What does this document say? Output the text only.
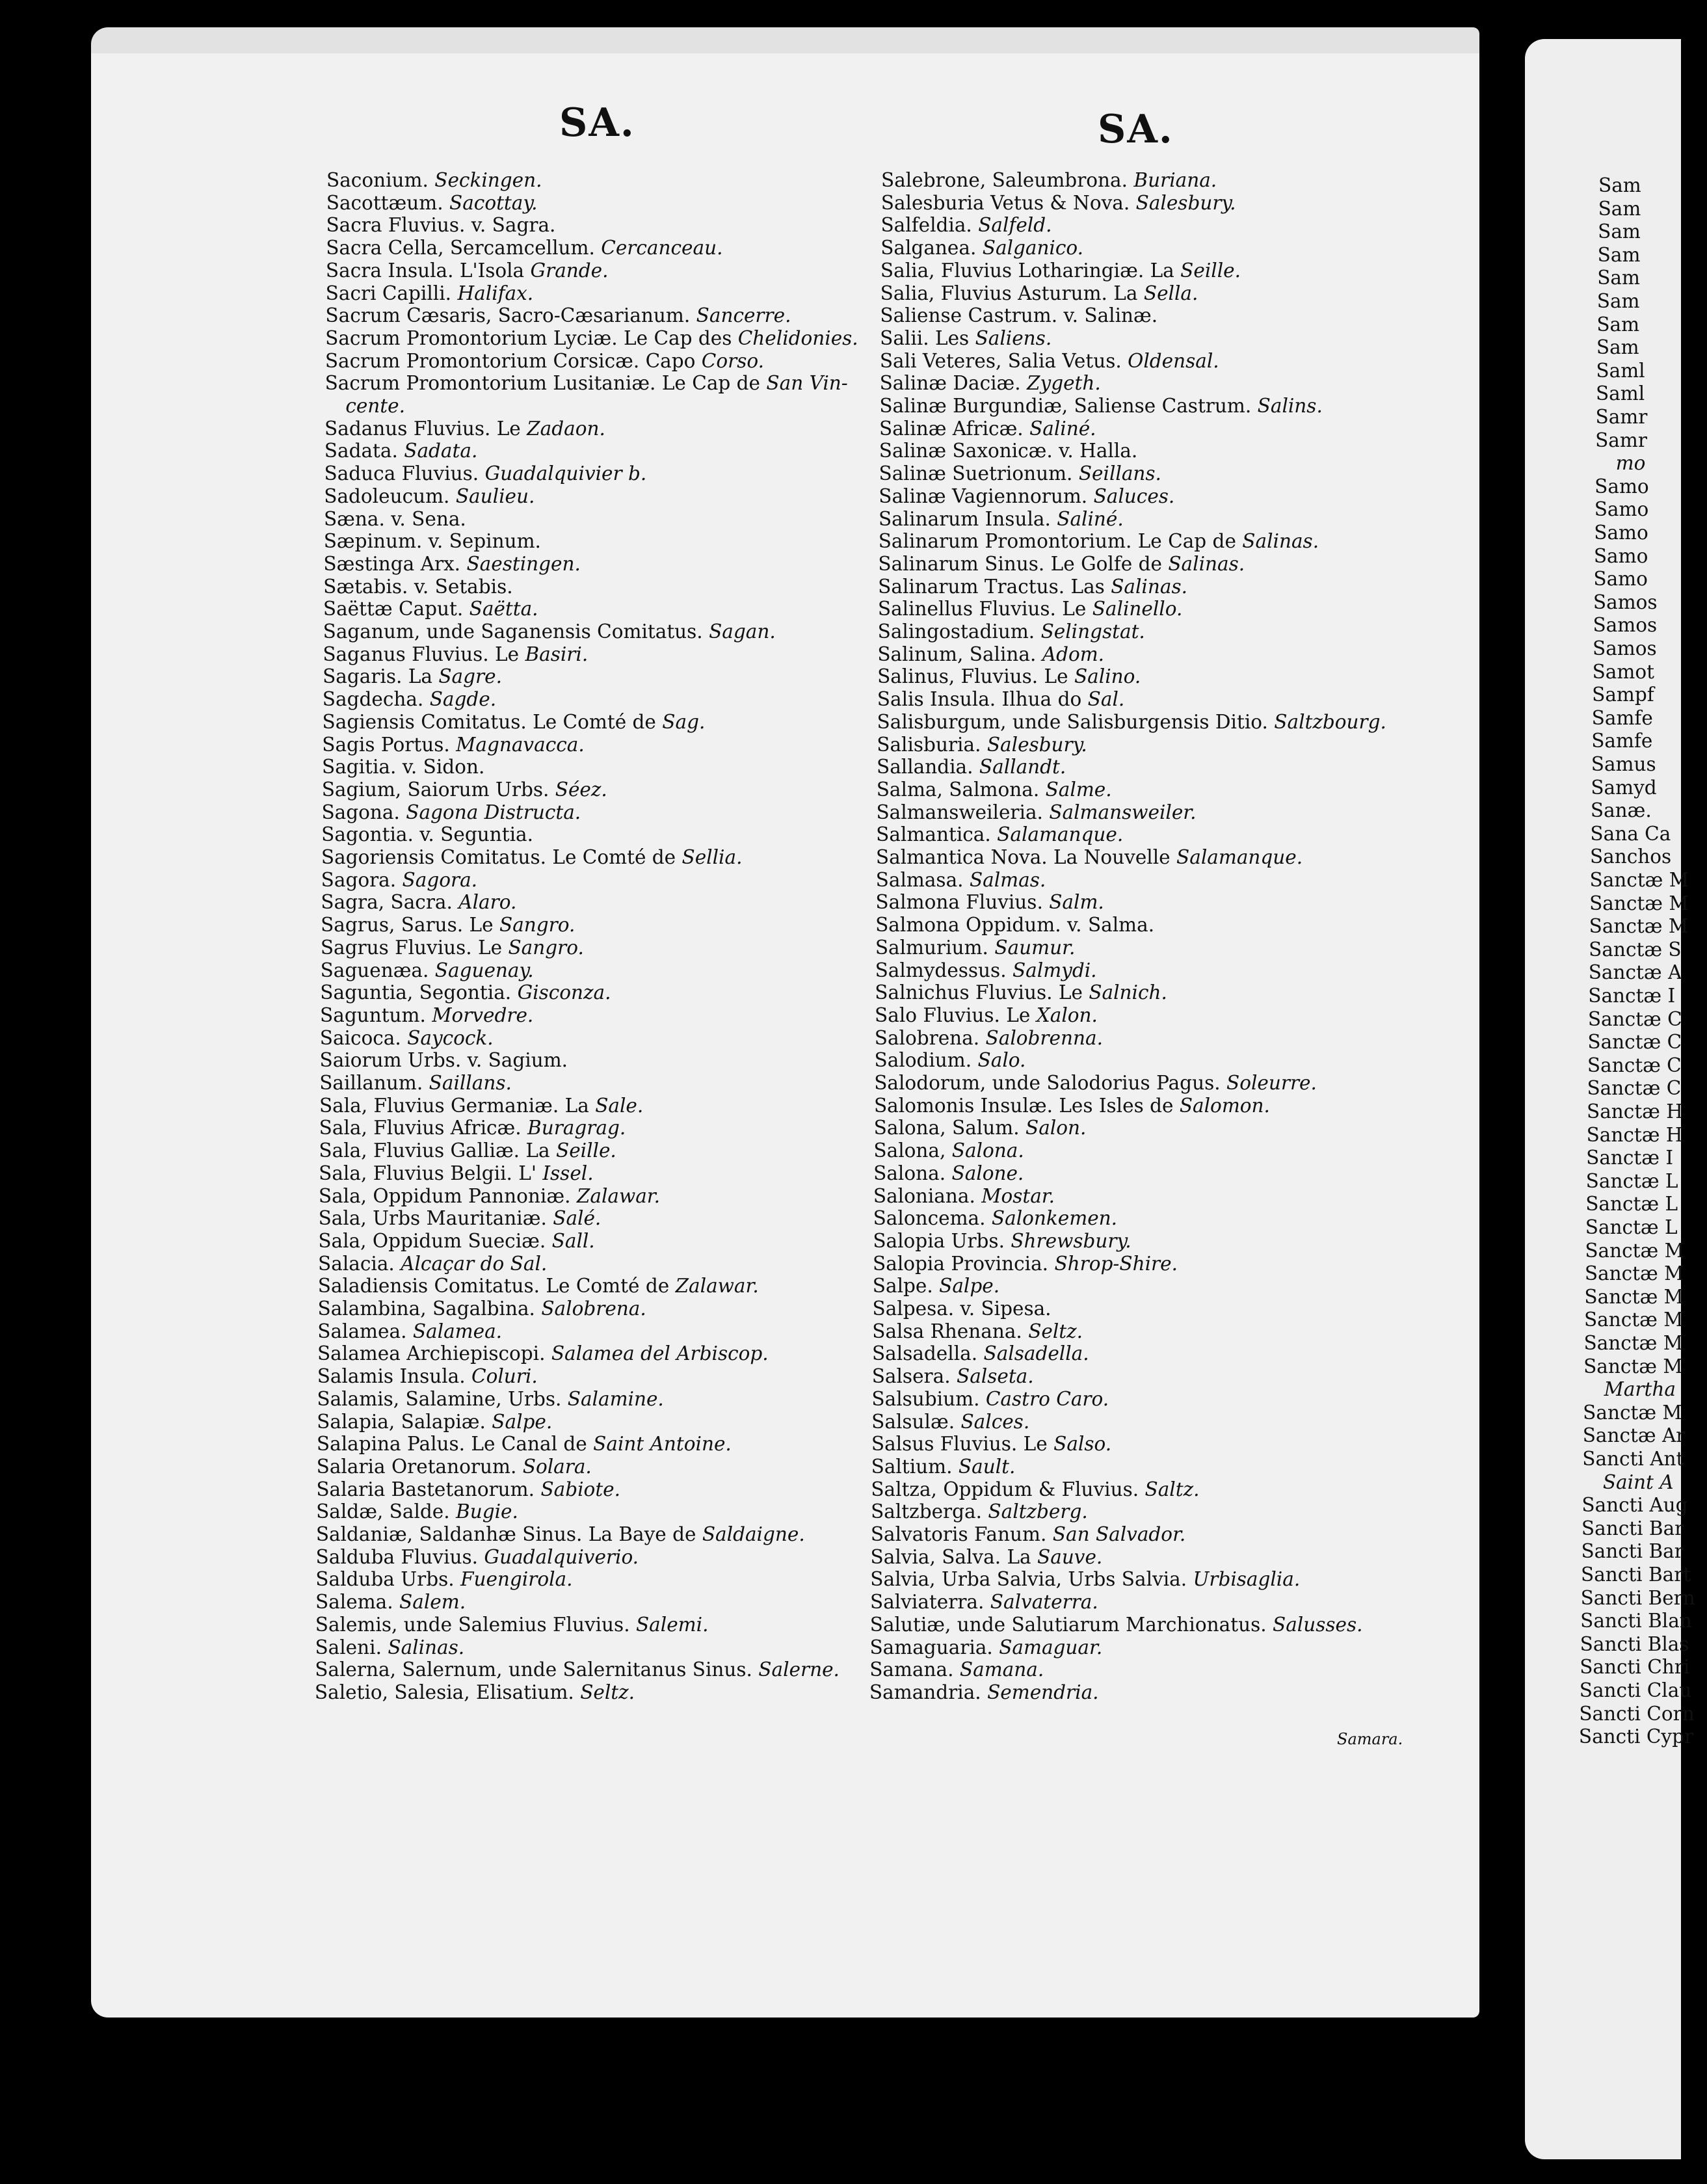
SA.	SA.
Saconium. Seckingen.
Sacottæum. Sacottay.
Sacra Fluvius. v. Sagra.
Sacra Cella, Sercamcellum. Cercanceau.
Sacra Insula. L'Isola Grande.
Sacri Capilli. Halifax.
Sacrum Cæsaris, Sacro-Cæsarianum. Sancerre.
Sacrum Promontorium Lyciæ. Le Cap des Chelidonies.
Sacrum Promontorium Corsicæ. Capo Corso.
Sacrum Promontorium Lusitaniæ. Le Cap de San Vin-
cente.
Sadanus Fluvius. Le Zadaon.
Sadata. Sadata.
Saduca Fluvius. Guadalquivier b.
Sadoleucum. Saulieu.
Sæna. v. Sena.
Sæpinum. v. Sepinum.
Sæstinga Arx. Saestingen.
Sætabis. v. Setabis.
Saëttæ Caput. Saëtta.
Saganum, unde Saganensis Comitatus. Sagan.
Saganus Fluvius. Le Basiri.
Sagaris. La Sagre.
Sagdecha. Sagde.
Sagiensis Comitatus. Le Comté de Sag.
Sagis Portus. Magnavacca.
Sagitia. v. Sidon.
Sagium, Saiorum Urbs. Séez.
Sagona. Sagona Distructa.
Sagontia. v. Seguntia.
Sagoriensis Comitatus. Le Comté de Sellia.
Sagora. Sagora.
Sagra, Sacra. Alaro.
Sagrus, Sarus. Le Sangro.
Sagrus Fluvius. Le Sangro.
Saguenæa. Saguenay.
Saguntia, Segontia. Gisconza.
Saguntum. Morvedre.
Saicoca. Saycock.
Saiorum Urbs. v. Sagium.
Saillanum. Saillans.
Sala, Fluvius Germaniæ. La Sale.
Sala, Fluvius Africæ. Buragrag.
Sala, Fluvius Galliæ. La Seille.
Sala, Fluvius Belgii. L' Issel.
Sala, Oppidum Pannoniæ. Zalawar.
Sala, Urbs Mauritaniæ. Salé.
Sala, Oppidum Sueciæ. Sall.
Salacia. Alcaçar do Sal.
Saladiensis Comitatus. Le Comté de Zalawar.
Salambina, Sagalbina. Salobrena.
Salamea. Salamea.
Salamea Archiepiscopi. Salamea del Arbiscop.
Salamis Insula. Coluri.
Salamis, Salamine, Urbs. Salamine.
Salapia, Salapiæ. Salpe.
Salapina Palus. Le Canal de Saint Antoine.
Salaria Oretanorum. Solara.
Salaria Bastetanorum. Sabiote.
Saldæ, Salde. Bugie.
Saldaniæ, Saldanhæ Sinus. La Baye de Saldaigne.
Salduba Fluvius. Guadalquiverio.
Salduba Urbs. Fuengirola.
Salema. Salem.
Salemis, unde Salemius Fluvius. Salemi.
Saleni. Salinas.
Salerna, Salernum, unde Salernitanus Sinus. Salerne.
Saletio, Salesia, Elisatium. Seltz.
Salebrone, Saleumbrona. Buriana.
Salesburia Vetus & Nova. Salesbury.
Salfeldia. Salfeld.
Salganea. Salganico.
Salia, Fluvius Lotharingiæ. La Seille.
Salia, Fluvius Asturum. La Sella.
Saliense Castrum. v. Salinæ.
Salii. Les Saliens.
Sali Veteres, Salia Vetus. Oldensal.
Salinæ Daciæ. Zygeth.
Salinæ Burgundiæ, Saliense Castrum. Salins.
Salinæ Africæ. Saliné.
Salinæ Saxonicæ. v. Halla.
Salinæ Suetrionum. Seillans.
Salinæ Vagiennorum. Saluces.
Salinarum Insula. Saliné.
Salinarum Promontorium. Le Cap de Salinas.
Salinarum Sinus. Le Golfe de Salinas.
Salinarum Tractus. Las Salinas.
Salinellus Fluvius. Le Salinello.
Salingostadium. Selingstat.
Salinum, Salina. Adom.
Salinus, Fluvius. Le Salino.
Salis Insula. Ilhua do Sal.
Salisburgum, unde Salisburgensis Ditio. Saltzbourg.
Salisburia. Salesbury.
Sallandia. Sallandt.
Salma, Salmona. Salme.
Salmansweileria. Salmansweiler.
Salmantica. Salamanque.
Salmantica Nova. La Nouvelle Salamanque.
Salmasa. Salmas.
Salmona Fluvius. Salm.
Salmona Oppidum. v. Salma.
Salmurium. Saumur.
Salmydessus. Salmydi.
Salnichus Fluvius. Le Salnich.
Salo Fluvius. Le Xalon.
Salobrena. Salobrenna.
Salodium. Salo.
Salodorum, unde Salodorius Pagus. Soleurre.
Salomonis Insulæ. Les Isles de Salomon.
Salona, Salum. Salon.
Salona, Salona.
Salona. Salone.
Saloniana. Mostar.
Saloncema. Salonkemen.
Salopia Urbs. Shrewsbury.
Salopia Provincia. Shrop-Shire.
Salpe. Salpe.
Salpesa. v. Sipesa.
Salsa Rhenana. Seltz.
Salsadella. Salsadella.
Salsera. Salseta.
Salsubium. Castro Caro.
Salsulæ. Salces.
Salsus Fluvius. Le Salso.
Saltium. Sault.
Saltza, Oppidum & Fluvius. Saltz.
Saltzberga. Saltzberg.
Salvatoris Fanum. San Salvador.
Salvia, Salva. La Sauve.
Salvia, Urba Salvia, Urbs Salvia. Urbisaglia.
Salviaterra. Salvaterra.
Salutiæ, unde Salutiarum Marchionatus. Salusses.
Samaguaria. Samaguar.
Samana. Samana.
Samandria. Semendria.
Samara.
Sam
Sam
Sam
Sam
Sam
Sam
Sam
Sam
Saml
Saml
Samr
Samr
mo
Samo
Samo
Samo
Samo
Samo
Samos
Samos
Samos
Samot
Sampf
Samfe
Samfe
Samus
Samyd
Sanæ.
Sana Ca
Sanchos
Sanctæ M
Sanctæ M
Sanctæ M
Sanctæ S
Sanctæ A
Sanctæ I
Sanctæ C
Sanctæ C
Sanctæ C
Sanctæ C
Sanctæ H
Sanctæ H
Sanctæ I
Sanctæ L
Sanctæ L
Sanctæ L
Sanctæ M
Sanctæ M
Sanctæ M
Sanctæ M
Sanctæ M
Sanctæ M
Martha
Sanctæ M
Sanctæ Ar
Sancti Ant
Saint A
Sancti Aug
Sancti Bar
Sancti Bar
Sancti Bart
Sancti Bern
Sancti Blan
Sancti Blas
Sancti Chri
Sancti Clau
Sancti Corn
Sancti Cypr
